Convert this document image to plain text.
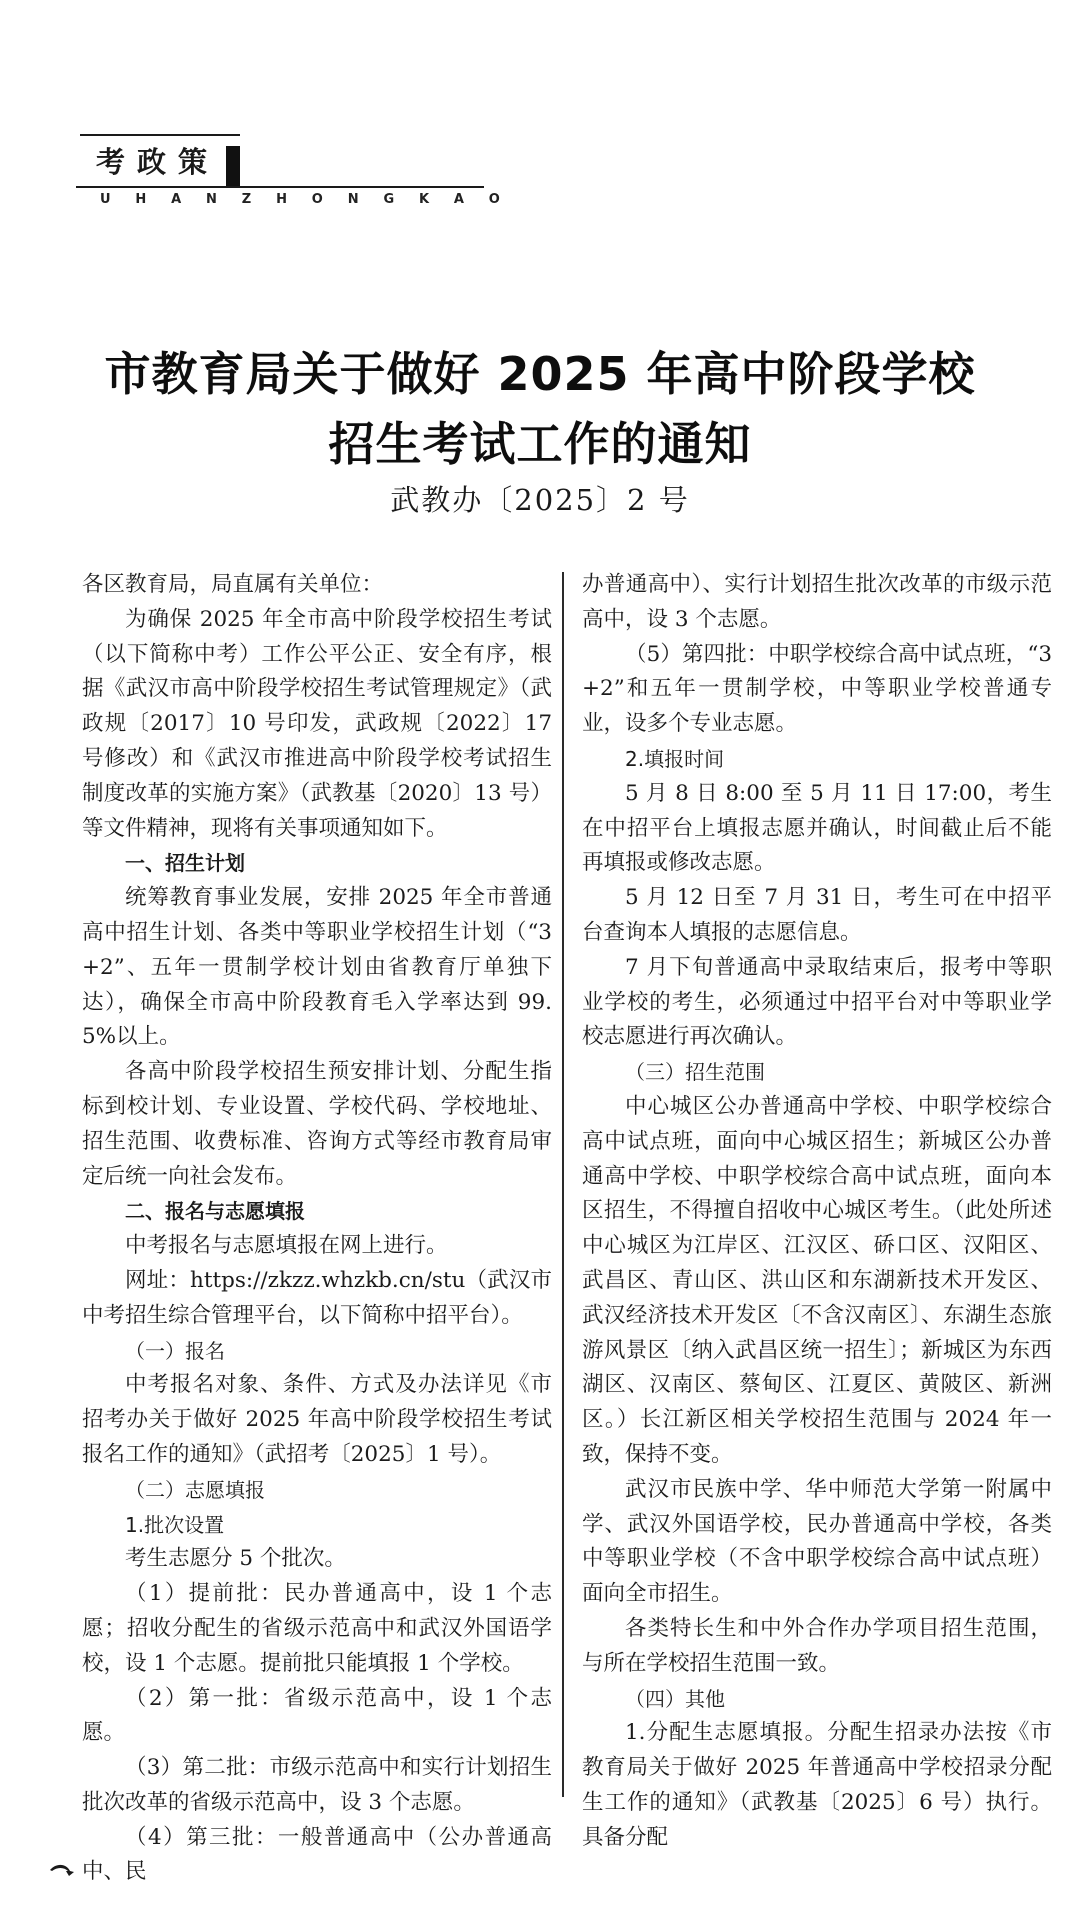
考政策
U H A N Z H O N G K A O
市教育局关于做好 2025 年高中阶段学校
招生考试工作的通知
武教办〔2025〕2 号

各区教育局，局直属有关单位：

为确保 2025 年全市高中阶段学校招生考试（以下简称中考）工作公平公正、安全有序，根据《武汉市高中阶段学校招生考试管理规定》（武政规〔2017〕10 号印发，武政规〔2022〕17 号修改）和《武汉市推进高中阶段学校考试招生制度改革的实施方案》（武教基〔2020〕13 号）等文件精神，现将有关事项通知如下。

一、招生计划

统筹教育事业发展，安排 2025 年全市普通高中招生计划、各类中等职业学校招生计划（“3+2”、五年一贯制学校计划由省教育厅单独下达），确保全市高中阶段教育毛入学率达到 99.5%以上。

各高中阶段学校招生预安排计划、分配生指标到校计划、专业设置、学校代码、学校地址、招生范围、收费标准、咨询方式等经市教育局审定后统一向社会发布。

二、报名与志愿填报

中考报名与志愿填报在网上进行。

网址：https://zkzz.whzkb.cn/stu（武汉市中考招生综合管理平台，以下简称中招平台）。

（一）报名

中考报名对象、条件、方式及办法详见《市招考办关于做好 2025 年高中阶段学校招生考试报名工作的通知》（武招考〔2025〕1 号）。

（二）志愿填报

1.批次设置

考生志愿分 5 个批次。

（1）提前批：民办普通高中，设 1 个志愿；招收分配生的省级示范高中和武汉外国语学校，设 1 个志愿。提前批只能填报 1 个学校。

（2）第一批：省级示范高中，设 1 个志愿。

（3）第二批：市级示范高中和实行计划招生批次改革的省级示范高中，设 3 个志愿。

（4）第三批：一般普通高中（公办普通高中、民

办普通高中）、实行计划招生批次改革的市级示范高中，设 3 个志愿。

（5）第四批：中职学校综合高中试点班，“3+2”和五年一贯制学校，中等职业学校普通专业，设多个专业志愿。

2.填报时间

5 月 8 日 8:00 至 5 月 11 日 17:00，考生在中招平台上填报志愿并确认，时间截止后不能再填报或修改志愿。

5 月 12 日至 7 月 31 日，考生可在中招平台查询本人填报的志愿信息。

7 月下旬普通高中录取结束后，报考中等职业学校的考生，必须通过中招平台对中等职业学校志愿进行再次确认。

（三）招生范围

中心城区公办普通高中学校、中职学校综合高中试点班，面向中心城区招生；新城区公办普通高中学校、中职学校综合高中试点班，面向本区招生，不得擅自招收中心城区考生。（此处所述中心城区为江岸区、江汉区、硚口区、汉阳区、武昌区、青山区、洪山区和东湖新技术开发区、武汉经济技术开发区〔不含汉南区〕、东湖生态旅游风景区〔纳入武昌区统一招生〕；新城区为东西湖区、汉南区、蔡甸区、江夏区、黄陂区、新洲区。）长江新区相关学校招生范围与 2024 年一致，保持不变。

武汉市民族中学、华中师范大学第一附属中学、武汉外国语学校，民办普通高中学校，各类中等职业学校（不含中职学校综合高中试点班）面向全市招生。

各类特长生和中外合作办学项目招生范围，与所在学校招生范围一致。

（四）其他

1.分配生志愿填报。分配生招录办法按《市教育局关于做好 2025 年普通高中学校招录分配生工作的通知》（武教基〔2025〕6 号）执行。具备分配
